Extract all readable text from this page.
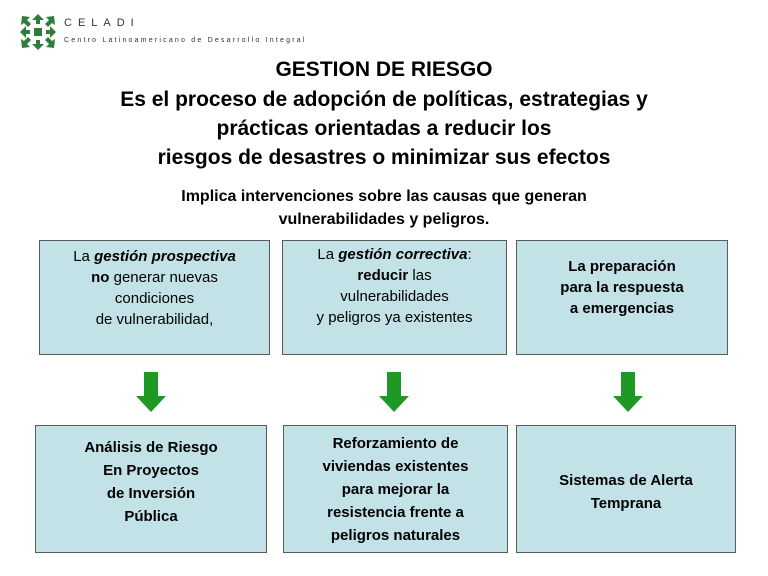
CELADI
Centro Latinoamericano de Desarrollo Integral
GESTION DE RIESGO
Es el proceso de adopción de políticas, estrategias y
prácticas orientadas a reducir los
riesgos de desastres o minimizar sus efectos
Implica intervenciones sobre las causas que generan
vulnerabilidades y peligros.
La gestión prospectiva
no generar nuevas
condiciones
de vulnerabilidad,
La gestión correctiva:
reducir las
vulnerabilidades
y peligros ya existentes
La preparación
para la respuesta
a emergencias
Análisis de Riesgo
En Proyectos
de Inversión
Pública
Reforzamiento de
viviendas existentes
para mejorar la
resistencia frente a
peligros naturales
Sistemas de Alerta
Temprana
